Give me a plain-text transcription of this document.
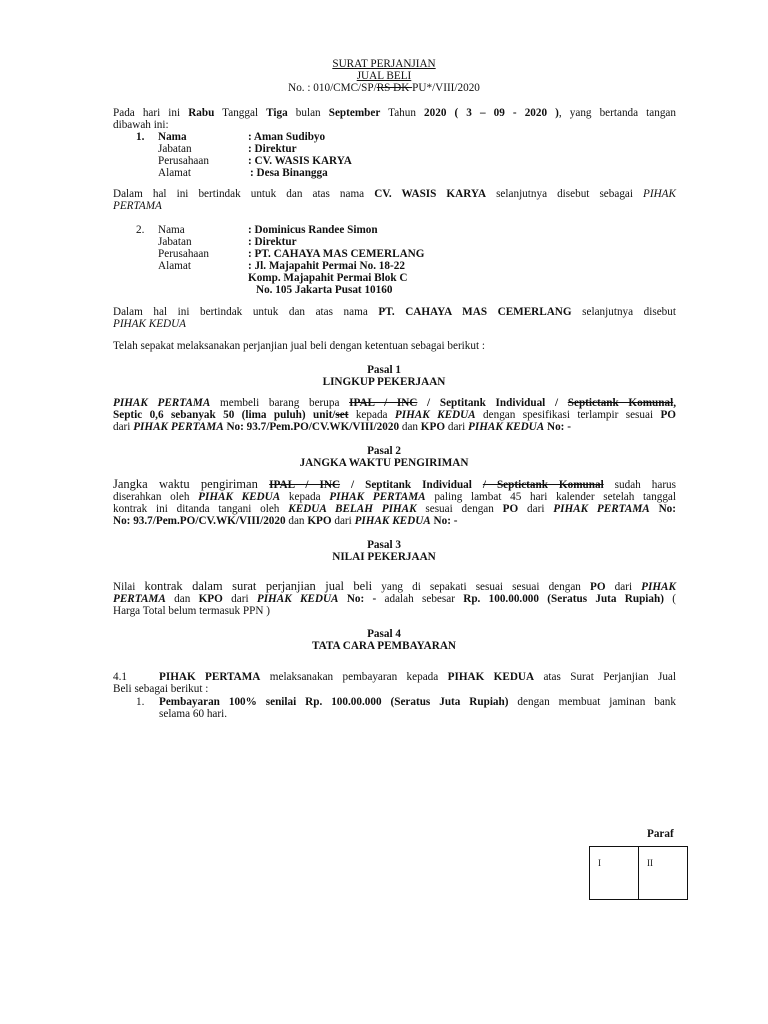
SURAT PERJANJIAN
JUAL BELI
No. : 010/CMC/SP/RS DK PU*/VIII/2020
Pada hari ini Rabu Tanggal Tiga bulan September Tahun 2020 ( 3 – 09 - 2020 ), yang bertanda tangan
dibawah ini:
1. Nama	: Aman Sudibyo
Jabatan	: Direktur
Perusahaan	: CV. WASIS KARYA
Alamat	: Desa Binangga
Dalam hal ini bertindak untuk dan atas nama CV. WASIS KARYA selanjutnya disebut sebagai PIHAK
PERTAMA
2. Nama	: Dominicus Randee Simon
Jabatan	: Direktur
Perusahaan	: PT. CAHAYA MAS CEMERLANG
Alamat	: Jl. Majapahit Permai No. 18-22
Komp. Majapahit Permai Blok C
No. 105 Jakarta Pusat 10160
Dalam hal ini bertindak untuk dan atas nama PT. CAHAYA MAS CEMERLANG selanjutnya disebut
PIHAK KEDUA
Telah sepakat melaksanakan perjanjian jual beli dengan ketentuan sebagai berikut :
Pasal 1
LINGKUP PEKERJAAN
PIHAK PERTAMA membeli barang berupa IPAL / INC / Septitank Individual / Septictank Komunal,
Septic 0,6 sebanyak 50 (lima puluh) unit/set kepada PIHAK KEDUA dengan spesifikasi terlampir sesuai PO
dari PIHAK PERTAMA No: 93.7/Pem.PO/CV.WK/VIII/2020 dan KPO dari PIHAK KEDUA No: -
Pasal 2
JANGKA WAKTU PENGIRIMAN
Jangka waktu pengiriman IPAL / INC / Septitank Individual / Septictank Komunal sudah harus
diserahkan oleh PIHAK KEDUA kepada PIHAK PERTAMA paling lambat 45 hari kalender setelah tanggal
kontrak ini ditanda tangani oleh KEDUA BELAH PIHAK sesuai dengan PO dari PIHAK PERTAMA No:
No: 93.7/Pem.PO/CV.WK/VIII/2020 dan KPO dari PIHAK KEDUA No: -
Pasal 3
NILAI PEKERJAAN
Nilai kontrak dalam surat perjanjian jual beli yang di sepakati sesuai sesuai dengan PO dari PIHAK
PERTAMA dan KPO dari PIHAK KEDUA No: - adalah sebesar Rp. 100.00.000 (Seratus Juta Rupiah) (
Harga Total belum termasuk PPN )
Pasal 4
TATA CARA PEMBAYARAN
4.1	PIHAK PERTAMA melaksanakan pembayaran kepada PIHAK KEDUA atas Surat Perjanjian Jual
Beli sebagai berikut :
1. Pembayaran 100% senilai Rp. 100.00.000 (Seratus Juta Rupiah) dengan membuat jaminan bank
selama 60 hari.
Paraf
I	II
